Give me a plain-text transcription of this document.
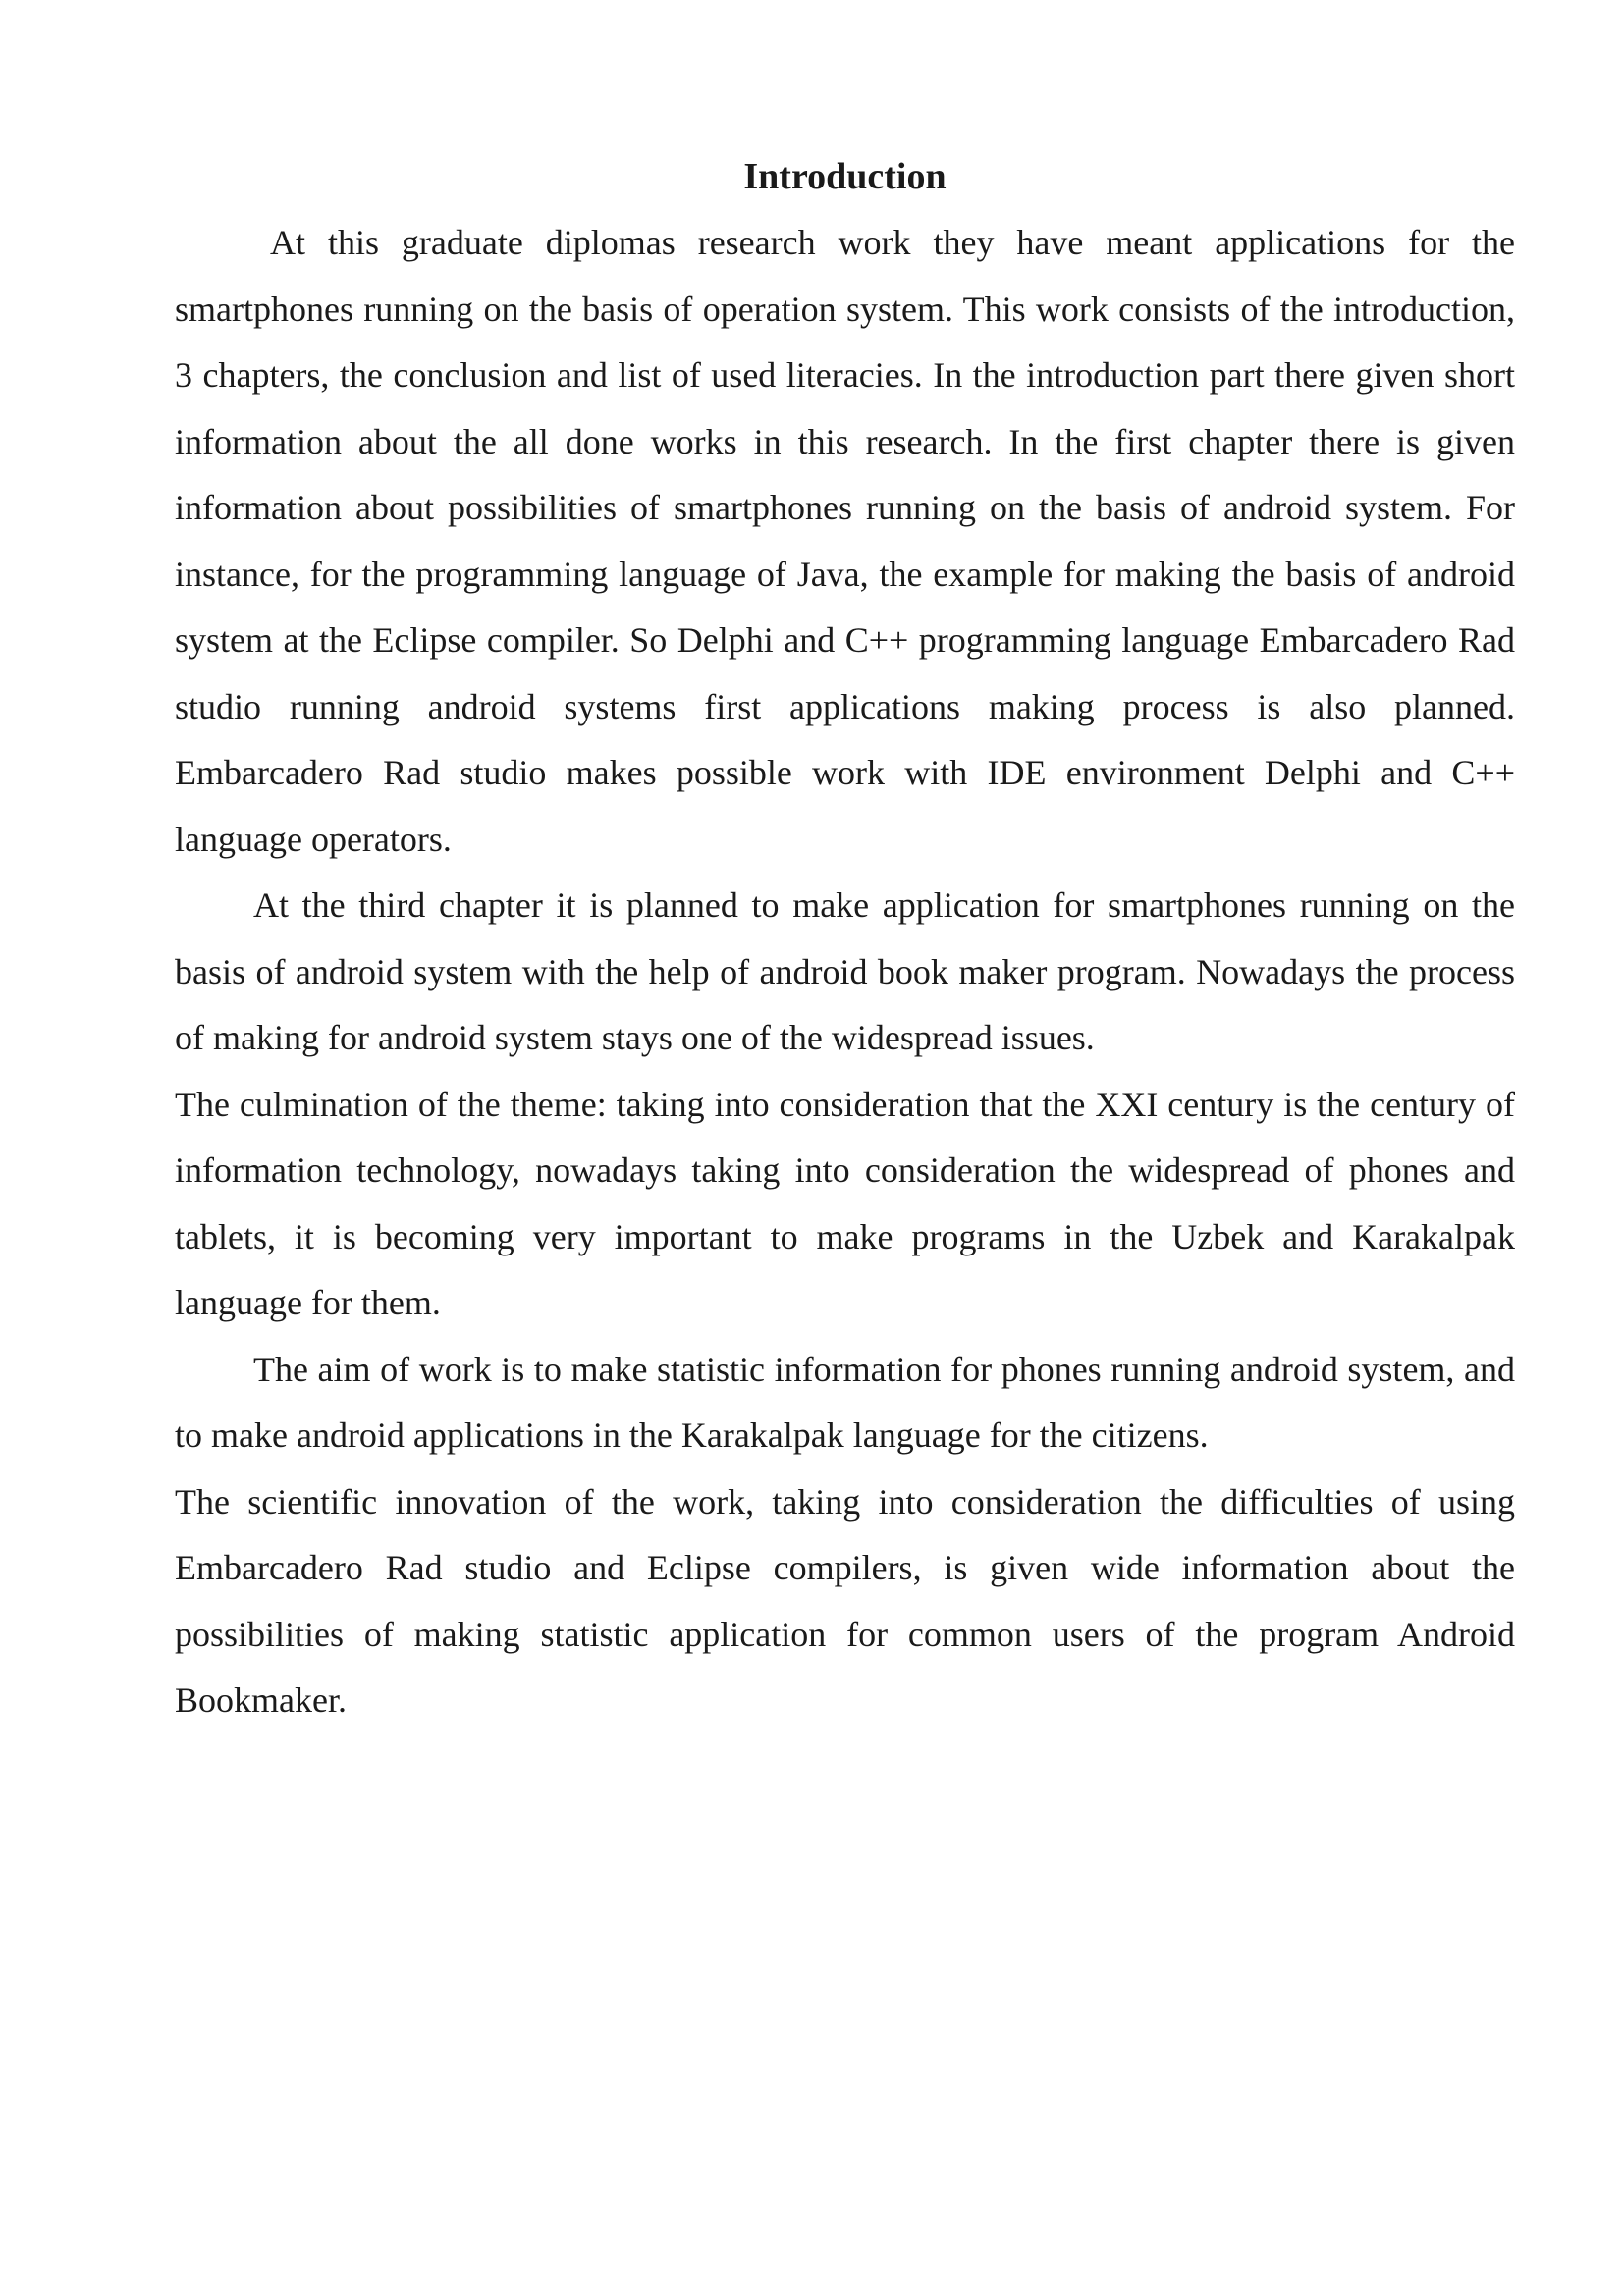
Introduction

At this graduate diplomas research work they have meant applications for the smartphones running on the basis of operation system. This work consists of the introduction, 3 chapters, the conclusion and list of used literacies. In the introduction part there given short information about the all done works in this research. In the first chapter there is given information about possibilities of smartphones running on the basis of android system. For instance, for the programming language of Java, the example for making the basis of android system at the Eclipse compiler. So Delphi and C++ programming language Embarcadero Rad studio running android systems first applications making process is also planned. Embarcadero Rad studio makes possible work with IDE environment Delphi and C++ language operators.

At the third chapter it is planned to make application for smartphones running on the basis of android system with the help of android book maker program. Nowadays the process of making for android system stays one of the widespread issues.

The culmination of the theme: taking into consideration that the XXI century is the century of information technology, nowadays taking into consideration the widespread of phones and tablets, it is becoming very important to make programs in the Uzbek and Karakalpak language for them.

The aim of work is to make statistic information for phones running android system, and to make android applications in the Karakalpak language for the citizens.

The scientific innovation of the work, taking into consideration the difficulties of using Embarcadero Rad studio and Eclipse compilers, is given wide information about the possibilities of making statistic application for common users of the program Android Bookmaker.
